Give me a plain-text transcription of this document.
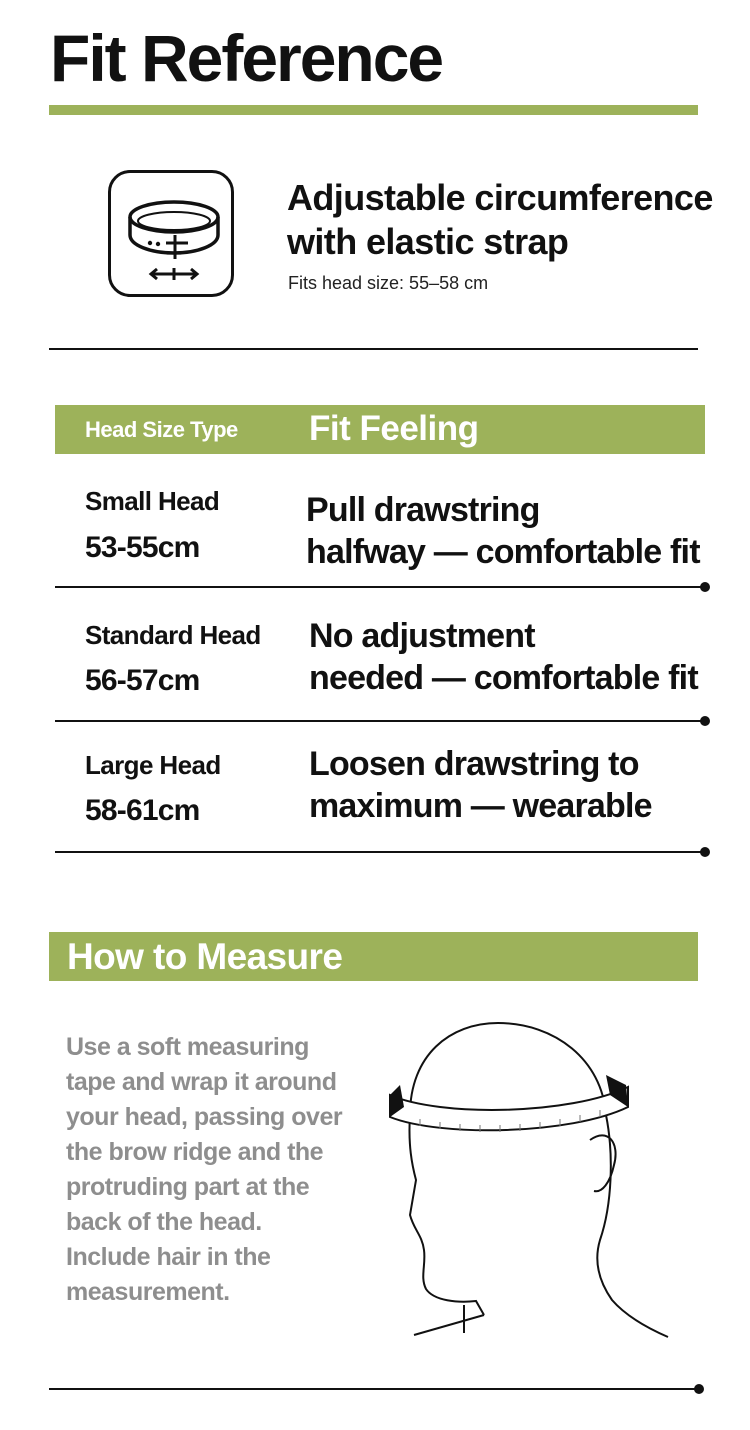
Fit Reference
Adjustable circumference
with elastic strap
Fits head size: 55–58 cm
Head Size Type Fit Feeling
Small Head
53-55cm
Pull drawstring
halfway — comfortable fit
Standard Head
56-57cm
No adjustment
needed — comfortable fit
Large Head
58-61cm
Loosen drawstring to
maximum — wearable
How to Measure
Use a soft measuring
tape and wrap it around
your head, passing over
the brow ridge and the
protruding part at the
back of the head.
Include hair in the
measurement.
